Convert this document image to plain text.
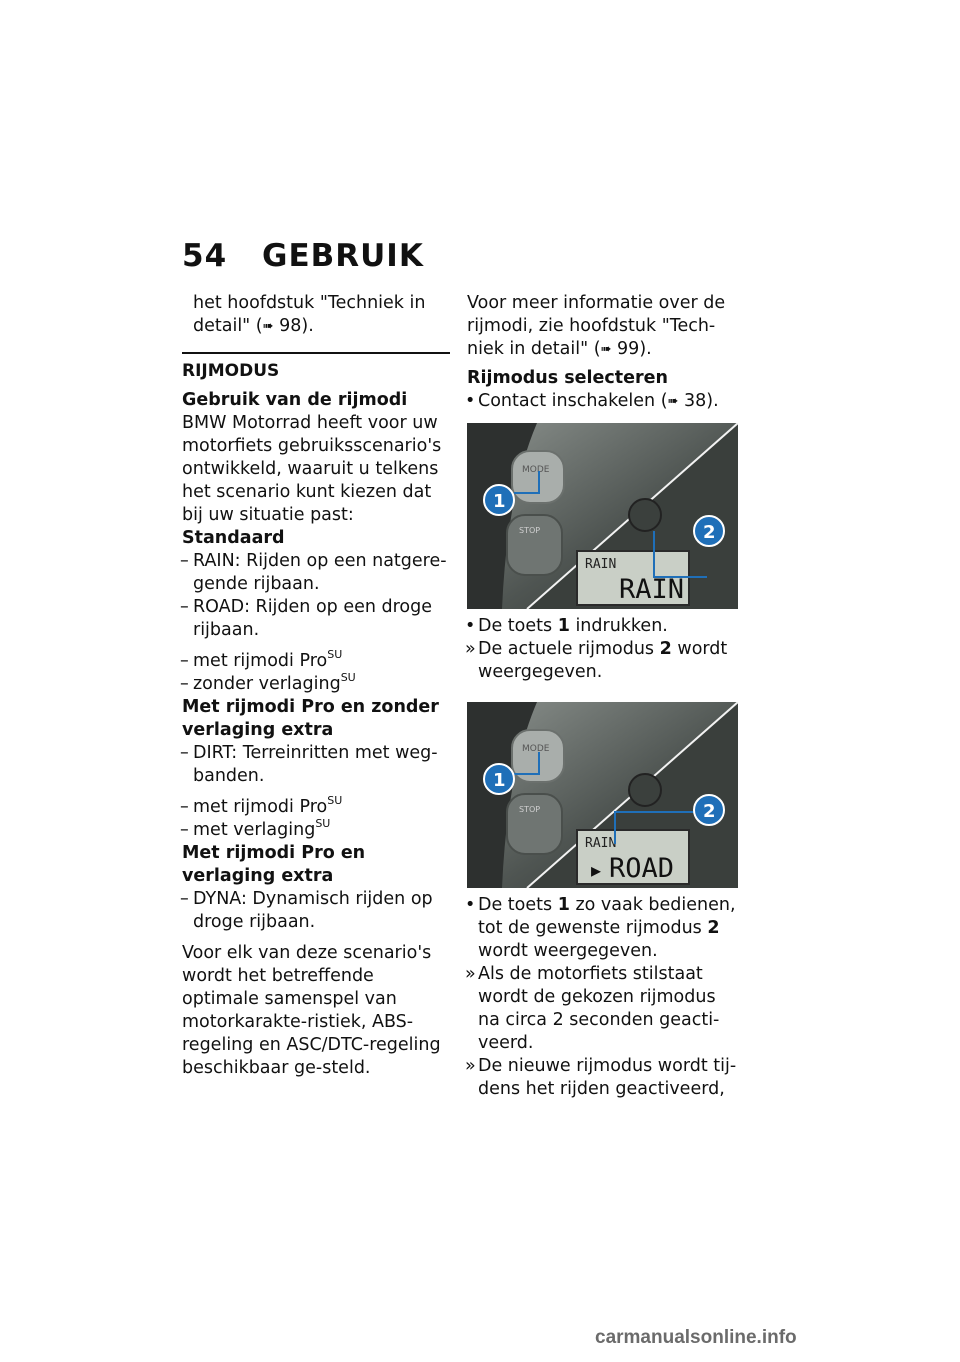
54 GEBRUIK

het hoofdstuk "Techniek in

detail" (➠ 98).

RIJMODUS

Gebruik van de rijmodi

BMW Motorrad heeft voor uw motorfiets gebruiksscenario's ontwikkeld, waaruit u telkens het scenario kunt kiezen dat bij uw situatie past:

Standaard

– RAIN: Rijden op een natgere-gende rijbaan.
– ROAD: Rijden op een droge rijbaan.
– met rijmodi Pro$^{SU}$
– zonder verlaging$^{SU}$

Met rijmodi Pro en zonder verlaging extra

– DIRT: Terreinritten met weg-banden.
– met rijmodi Pro$^{SU}$
– met verlaging$^{SU}$

Met rijmodi Pro en verlaging extra

– DYNA: Dynamisch rijden op droge rijbaan.

Voor elk van deze scenario's wordt het betreffende optimale samenspel van motorkarakte-ristiek, ABS-regeling en ASC/DTC-regeling beschikbaar ge-steld.

Voor meer informatie over de rijmodi, zie hoofdstuk "Tech-niek in detail" (➠ 99).

Rijmodus selecteren

• Contact inschakelen (➠ 38).
MODE
STOP
RAIN
RAIN
1
2
• De toets 1 indrukken.
» De actuele rijmodus 2 wordt weergegeven.
MODE
STOP
RAIN
▸ ROAD
1
2
• De toets 1 zo vaak bedienen, tot de gewenste rijmodus 2 wordt weergegeven.
» Als de motorfiets stilstaat wordt de gekozen rijmodus na circa 2 seconden geacti-veerd.
» De nieuwe rijmodus wordt tij-dens het rijden geactiveerd,
carmanualsonline.info
